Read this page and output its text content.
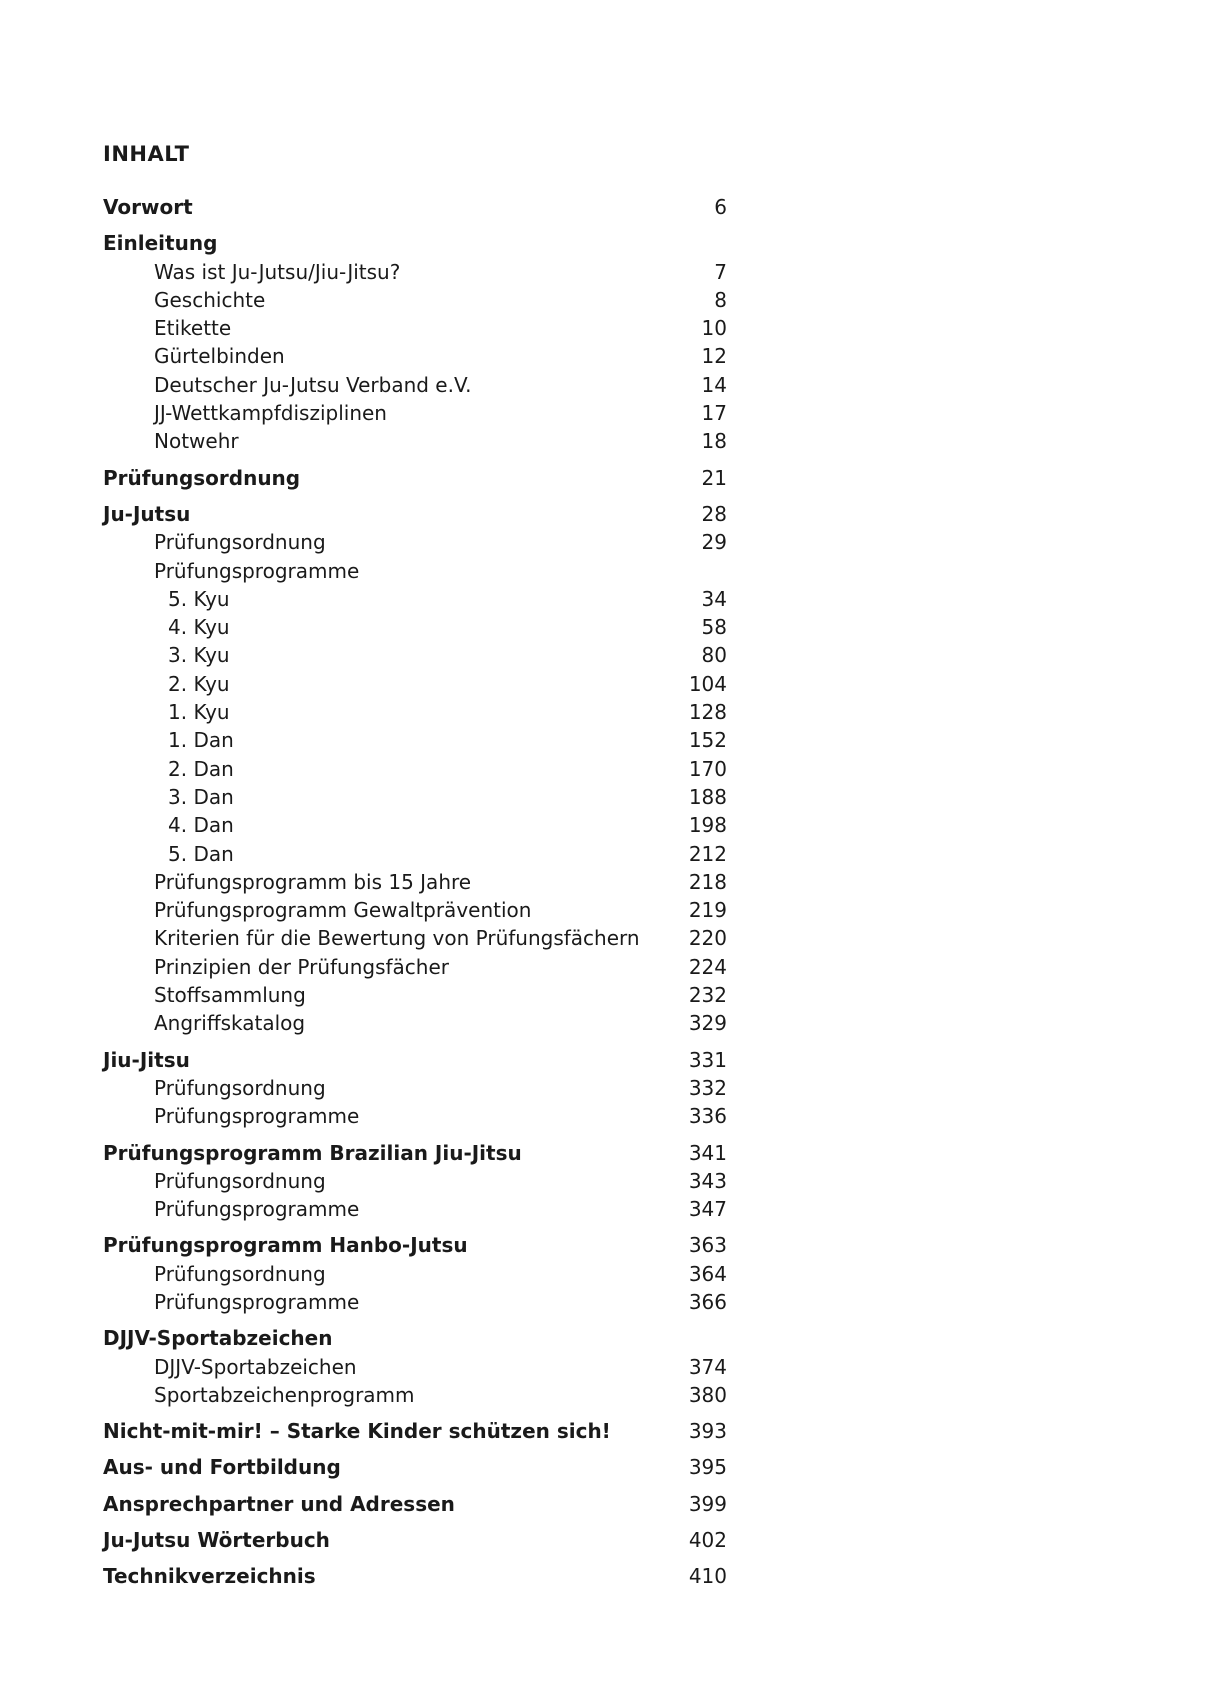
INHALT
Vorwort	6
Einleitung
Was ist Ju-Jutsu/Jiu-Jitsu?	7
Geschichte	8
Etikette	10
Gürtelbinden	12
Deutscher Ju-Jutsu Verband e.V.	14
JJ-Wettkampfdisziplinen	17
Notwehr	18
Prüfungsordnung	21
Ju-Jutsu	28
Prüfungsordnung	29
Prüfungsprogramme
5. Kyu	34
4. Kyu	58
3. Kyu	80
2. Kyu	104
1. Kyu	128
1. Dan	152
2. Dan	170
3. Dan	188
4. Dan	198
5. Dan	212
Prüfungsprogramm bis 15 Jahre	218
Prüfungsprogramm Gewaltprävention	219
Kriterien für die Bewertung von Prüfungsfächern 220
Prinzipien der Prüfungsfächer	224
Stoffsammlung	232
Angriffskatalog	329
Jiu-Jitsu	331
Prüfungsordnung	332
Prüfungsprogramme	336
Prüfungsprogramm Brazilian Jiu-Jitsu	341
Prüfungsordnung	343
Prüfungsprogramme	347
Prüfungsprogramm Hanbo-Jutsu	363
Prüfungsordnung	364
Prüfungsprogramme	366
DJJV-Sportabzeichen
DJJV-Sportabzeichen	374
Sportabzeichenprogramm	380
Nicht-mit-mir! – Starke Kinder schützen sich!	393
Aus- und Fortbildung	395
Ansprechpartner und Adressen	399
Ju-Jutsu Wörterbuch	402
Technikverzeichnis	410
